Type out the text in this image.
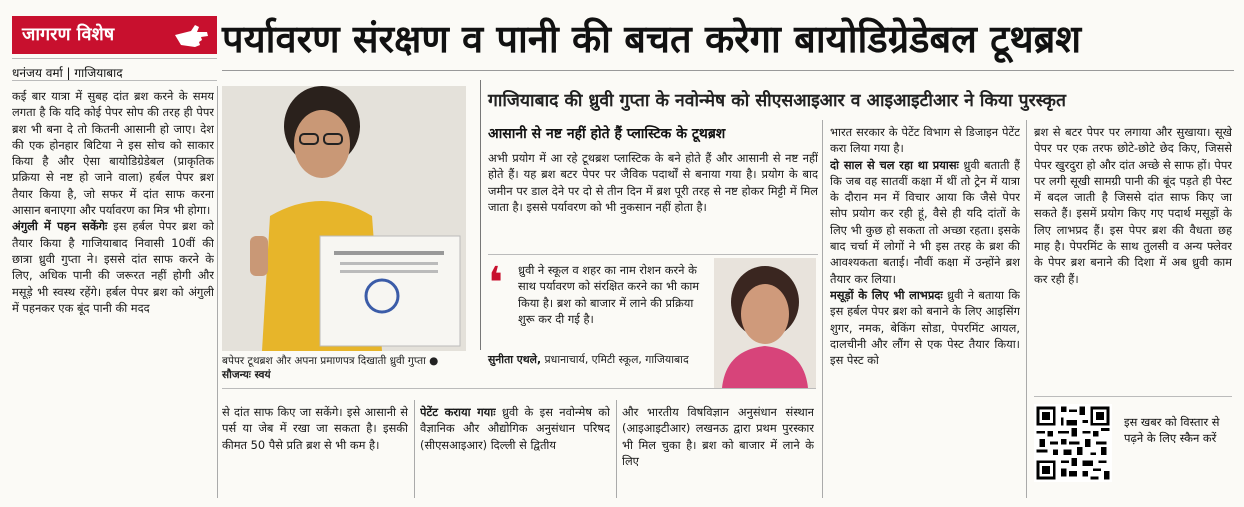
जागरण विशेष	पर्यावरण संरक्षण व पानी की बचत करेगा बायोडिग्रेडेबल टूथब्रश
धनंजय वर्मा | गाजियाबाद
कई बार यात्रा में सुबह दांत ब्रश करने के समय लगता है कि यदि कोई पेपर सोप की तरह ही पेपर ब्रश भी बना दे तो कितनी आसानी हो जाए। देश की एक होनहार बिटिया ने इस सोच को साकार किया है और ऐसा बायोडिग्रेडेबल (प्राकृतिक प्रक्रिया से नष्ट हो जाने वाला) हर्बल पेपर ब्रश तैयार किया है, जो सफर में दांत साफ करना आसान बनाएगा और पर्यावरण का मित्र भी होगा।
अंगुली में पहन सकेंगेः इस हर्बल पेपर ब्रश को तैयार किया है गाजियाबाद निवासी 10वीं की छात्रा ध्रुवी गुप्ता ने। इससे दांत साफ करने के लिए, अधिक पानी की जरूरत नहीं होगी और मसूड़े भी स्वस्थ रहेंगे। हर्बल पेपर ब्रश को अंगुली में पहनकर एक बूंद पानी की मदद
बपेपर टूथब्रश और अपना प्रमाणपत्र दिखाती ध्रुवी गुप्ता ●
सौजन्यः स्वयं
से दांत साफ किए जा सकेंगे। इसे आसानी से पर्स या जेब में रखा जा सकता है। इसकी कीमत 50 पैसे प्रति ब्रश से भी कम है।
गाजियाबाद की ध्रुवी गुप्ता के नवोन्मेष को सीएसआइआर व आइआइटीआर ने किया पुरस्कृत
आसानी से नष्ट नहीं होते हैं प्लास्टिक के टूथब्रश
अभी प्रयोग में आ रहे टूथब्रश प्लास्टिक के बने होते हैं और आसानी से नष्ट नहीं होते हैं। यह ब्रश बटर पेपर पर जैविक पदार्थों से बनाया गया है। प्रयोग के बाद जमीन पर डाल देने पर दो से तीन दिन में ब्रश पूरी तरह से नष्ट होकर मिट्टी में मिल जाता है। इससे पर्यावरण को भी नुकसान नहीं होता है।
❛ ध्रुवी ने स्कूल व शहर का नाम रोशन करने के साथ पर्यावरण को संरक्षित करने का भी काम किया है। ब्रश को बाजार में लाने की प्रक्रिया शुरू कर दी गई है।
सुनीता एथले, प्रधानाचार्य, एमिटी स्कूल, गाजियाबाद
पेटेंट कराया गयाः ध्रुवी के इस नवोन्मेष को वैज्ञानिक और औद्योगिक अनुसंधान परिषद (सीएसआइआर) दिल्ली से द्वितीय
और भारतीय विषविज्ञान अनुसंधान संस्थान (आइआइटीआर) लखनऊ द्वारा प्रथम पुरस्कार भी मिल चुका है। ब्रश को बाजार में लाने के लिए
भारत सरकार के पेटेंट विभाग से डिजाइन पेटेंट करा लिया गया है।
दो साल से चल रहा था प्रयासः ध्रुवी बताती हैं कि जब वह सातवीं कक्षा में थीं तो ट्रेन में यात्रा के दौरान मन में विचार आया कि जैसे पेपर सोप प्रयोग कर रही हूं, वैसे ही यदि दांतों के लिए भी कुछ हो सकता तो अच्छा रहता। इसके बाद चर्चा में लोगों ने भी इस तरह के ब्रश की आवश्यकता बताई। नौवीं कक्षा में उन्होंने ब्रश तैयार कर लिया।
मसूड़ों के लिए भी लाभप्रदः ध्रुवी ने बताया कि इस हर्बल पेपर ब्रश को बनाने के लिए आइसिंग शुगर, नमक, बेकिंग सोडा, पेपरमिंट आयल, दालचीनी और लौंग से एक पेस्ट तैयार किया। इस पेस्ट को
ब्रश से बटर पेपर पर लगाया और सुखाया। सूखे पेपर पर एक तरफ छोटे-छोटे छेद किए, जिससे पेपर खुरदुरा हो और दांत अच्छे से साफ हों। पेपर पर लगी सूखी सामग्री पानी की बूंद पड़ते ही पेस्ट में बदल जाती है जिससे दांत साफ किए जा सकते हैं। इसमें प्रयोग किए गए पदार्थ मसूड़ों के लिए लाभप्रद हैं। इस पेपर ब्रश की वैधता छह माह है। पेपरमिंट के साथ तुलसी व अन्य फ्लेवर के पेपर ब्रश बनाने की दिशा में अब ध्रुवी काम कर रही हैं।
इस खबर को विस्तार से पढ़ने के लिए स्कैन करें
